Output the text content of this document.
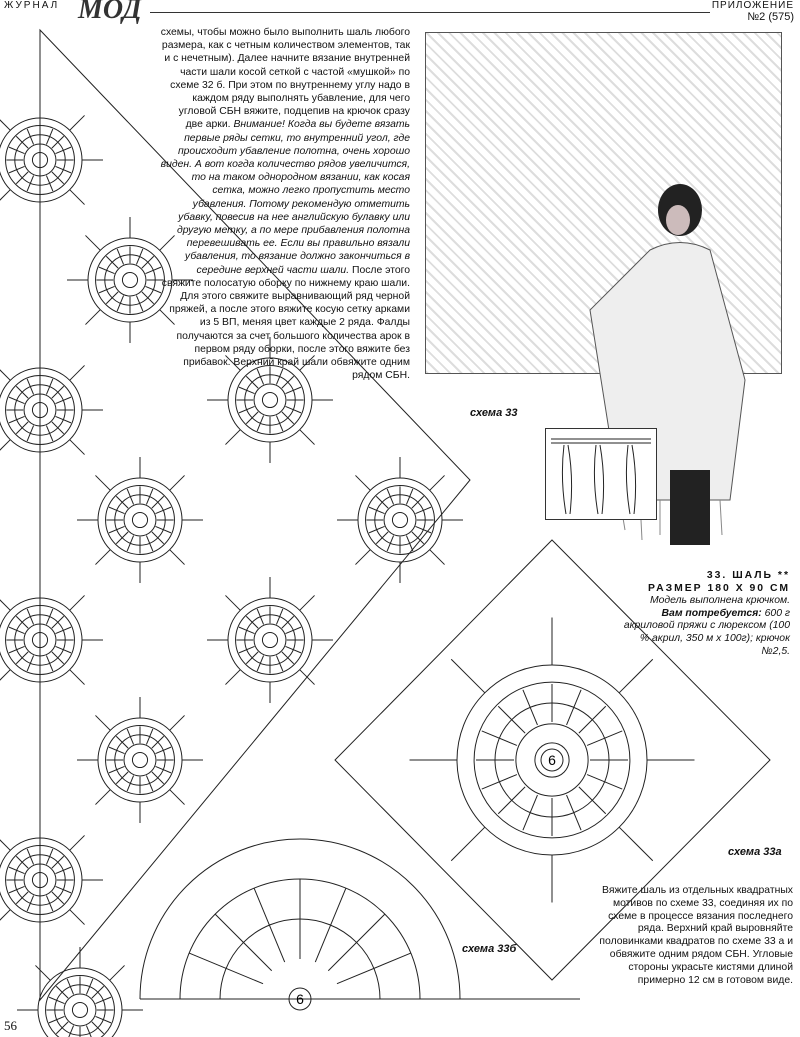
ЖУРНАЛ МОД	ПРИЛОЖЕНИЕ
№2 (575)
6
6

схемы, чтобы можно было выполнить шаль любого размера, как с четным количеством элементов, так и с нечетным). Далее начните вязание внутренней части шали косой сеткой с частой «мушкой» по схеме 32 б. При этом по внутреннему углу надо в каждом ряду выполнять убавление, для чего угловой СБН вяжите, подцепив на крючок сразу две арки. Внимание! Когда вы будете вязать первые ряды сетки, то внутренний угол, где происходит убавление полотна, очень хорошо виден. А вот когда количество рядов увеличится, то на таком однородном вязании, как косая сетка, можно легко пропустить место убавления. Потому рекомендую отметить убавку, повесив на нее английскую булавку или другую метку, а по мере прибавления полотна перевешивать ее. Если вы правильно вязали убавления, то вязание должно закончиться в середине верхней части шали. После этого свяжите полосатую оборку по нижнему краю шали. Для этого свяжите выравнивающий ряд черной пряжей, а после этого вяжите косую сетку арками из 5 ВП, меняя цвет каждые 2 ряда. Фалды получаются за счет большого количества арок в первом ряду оборки, после этого вяжите без прибавок. Верхний край шали обвяжите одним рядом СБН.

схема 33
схема 33а
схема 33б
33. ШАЛЬ **
РАЗМЕР 180 Х 90 СМ
Модель выполнена крючком.
Вам потребуется: 600 г акриловой пряжи с люрексом (100 % акрил, 350 м х 100г); крючок №2,5.

Вяжите шаль из отдельных квадратных мотивов по схеме 33, соединяя их по схеме в процессе вязания последнего ряда. Верхний край выровняйте половинками квадратов по схеме 33 а и обвяжите одним рядом СБН. Угловые стороны украсьте кистями длиной примерно 12 см в готовом виде.

56
